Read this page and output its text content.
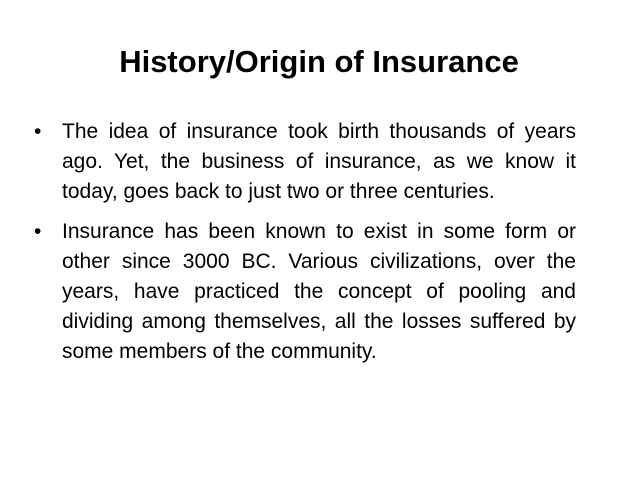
History/Origin of Insurance
• The idea of insurance took birth thousands of years ago. Yet, the business of insurance, as we know it today, goes back to just two or three centuries.
• Insurance has been known to exist in some form or other since 3000 BC. Various civilizations, over the years, have practiced the concept of pooling and dividing among themselves, all the losses suffered by some members of the community.
